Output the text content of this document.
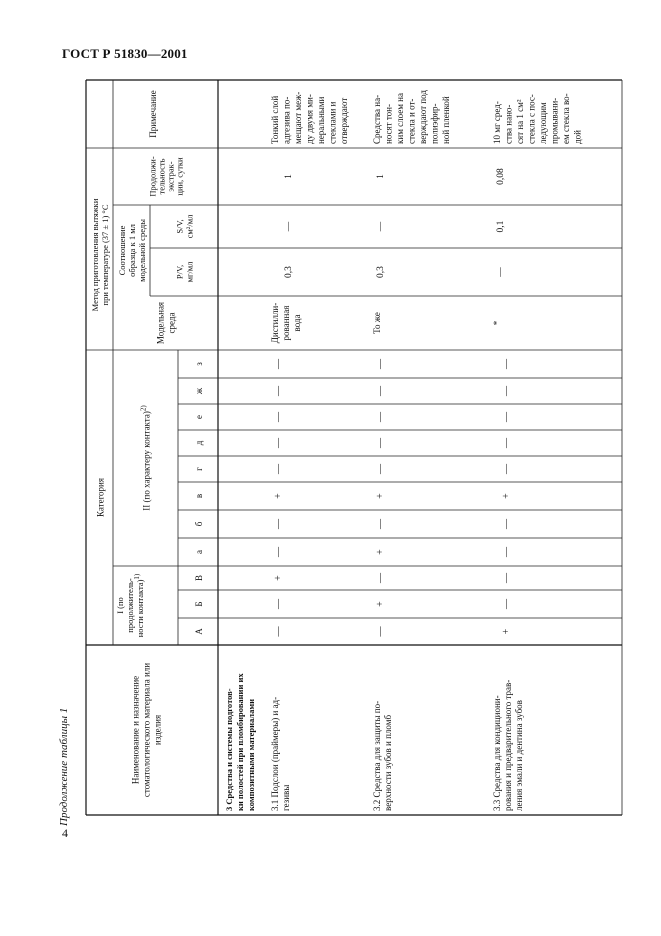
ГОСТ Р 51830—2001
Продолжение таблицы 1
4
Наименование и назначение стоматологического материала или изделия
Категория
I (по продолжитель- ности контакта)$^{1)}$
II (по характеру контакта)$^{2)}$
А
Б
В
а
б
в
г
д
е
ж
з
Метод приготовления вытяжки при температуре (37 ± 1) °С
Модельная среда
Соотношение образца к 1 мл модельной среды	P/V, мг/мл
S/V, см²/мл
Продолжи- тельность экстрак- ции, сутки
Примечание
3 Средства и системы подготов- ки полостей при пломбировании их композитными материалами 3.1 Подслои (праймеры) и ад- гезивы
—
—
+
—
—
+
—
—
—
—
—
Дистилли- рованная вода
0,3
—
1
Тонкий слой адгезива по- мещают меж- ду двумя ми- неральными стеклами и отверждают
3.2 Средства для защиты по- верхности зубов и пломб
—
+
—
+
—
+
—
—
—
—
—
То же
0,3
—
1
Средства на- носят тон- ким слоем на стекла и от- верждают под полиэфир- ной пленкой
3.3 Средства для кондициони- рования и предварительного трав- ления эмали и дентина зубов
+
—
—
—
—
+
—
—
—
—
—
*
—
0,1
0,08
10 мг сред- ства нано- сят на 1 см² стекла с пос- ледующим промывани- ем стекла во- дой
